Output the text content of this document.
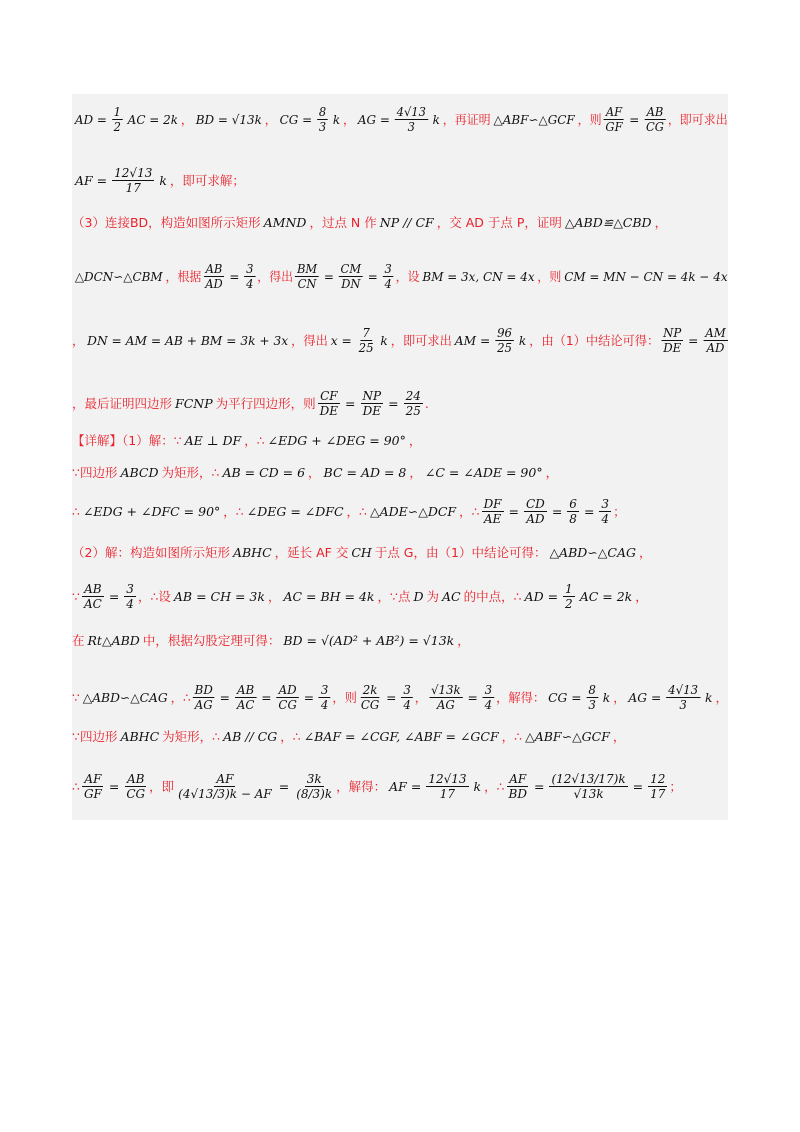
AD = $\frac{1}{2}$ AC = 2k ， BD = √13k ， CG = $\frac{8}{3}$ k ， AG = $\frac{4√13}{3}$ k ，再证明 △ABF∽△GCF ，则 $\frac{AF}{GF} = \frac{AB}{CG}$ ，即可求出
AF = $\frac{12√13}{17}$ k ，即可求解；
（3）连接BD，构造如图所示矩形 AMND ，过点 N 作 NP // CF ，交 AD 于点 P，证明 △ABD≌△CBD ，
△DCN∽△CBM ，根据 $\frac{AB}{AD} = \frac{3}{4}$ ，得出 $\frac{BM}{CN} = \frac{CM}{DN} = \frac{3}{4}$ ，设 BM = 3x, CN = 4x ，则 CM = MN − CN = 4k − 4x
， DN = AM = AB + BM = 3k + 3x ，得出 $x = \frac{7}{25}$ k ，即可求出 AM = $\frac{96}{25}$ k ，由（1）中结论可得： $\frac{NP}{DE} = \frac{AM}{AD}$
，最后证明四边形 FCNP 为平行四边形，则 $\frac{CF}{DE} = \frac{NP}{DE} = \frac{24}{25}$ .
【详解】（1）解：∵ AE ⊥ DF ，∴ ∠EDG + ∠DEG = 90° ，
∵四边形 ABCD 为矩形，∴ AB = CD = 6 ， BC = AD = 8 ， ∠C = ∠ADE = 90° ，
∴ ∠EDG + ∠DFC = 90° ，∴ ∠DEG = ∠DFC ，∴ △ADE∽△DCF ，∴ $\frac{DF}{AE} = \frac{CD}{AD} = \frac{6}{8} = \frac{3}{4}$ ；
（2）解：构造如图所示矩形 ABHC ，延长 AF 交 CH 于点 G，由（1）中结论可得： △ABD∽△CAG ，
∵ $\frac{AB}{AC} = \frac{3}{4}$ ，∴设 AB = CH = 3k ， AC = BH = 4k ，∵点 D 为 AC 的中点，∴ AD = $\frac{1}{2}$ AC = 2k ，
在 Rt△ABD 中，根据勾股定理可得： BD = √(AD² + AB²) = √13k ，
∵ △ABD∽△CAG ，∴ $\frac{BD}{AG} = \frac{AB}{AC} = \frac{AD}{CG} = \frac{3}{4}$ ，则 $\frac{2k}{CG} = \frac{3}{4}$ ， $\frac{√13k}{AG} = \frac{3}{4}$ ，解得： CG = $\frac{8}{3}$ k ， AG = $\frac{4√13}{3}$ k ，
∵四边形 ABHC 为矩形，∴ AB // CG ，∴ ∠BAF = ∠CGF, ∠ABF = ∠GCF ，∴ △ABF∽△GCF ，
∴ $\frac{AF}{GF} = \frac{AB}{CG}$ ，即 $\frac{AF}{(4√13/3)k - AF} = \frac{3k}{(8/3)k}$ ，解得： AF = $\frac{12√13}{17}$ k ，∴ $\frac{AF}{BD} = \frac{(12√13/17)k}{√13k} = \frac{12}{17}$ ；
